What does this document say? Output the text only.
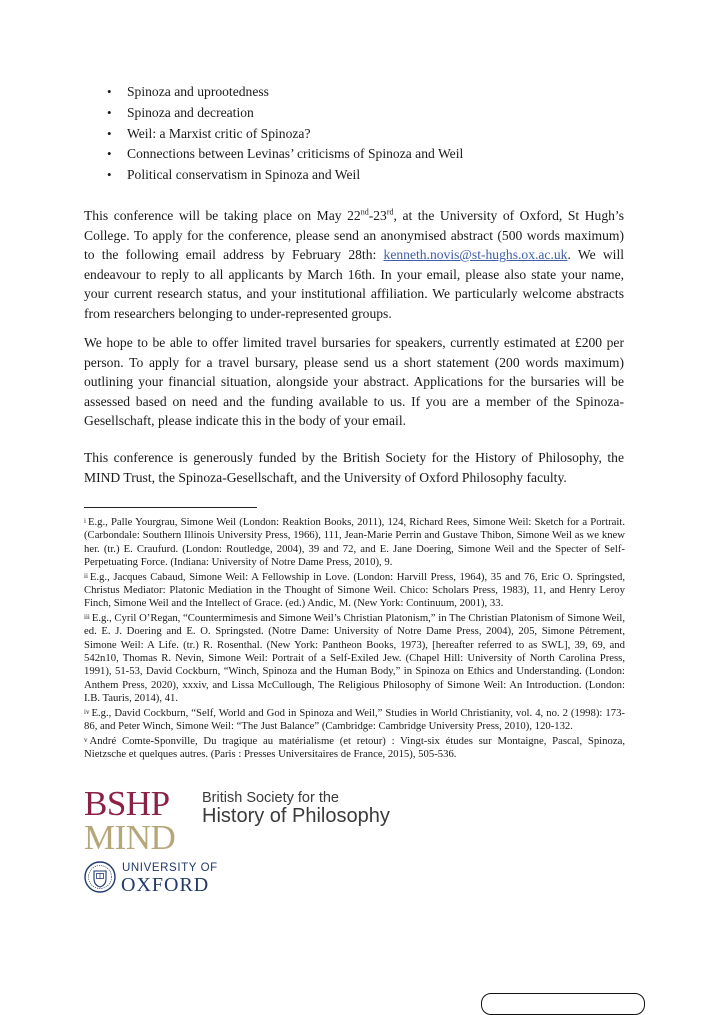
• Spinoza and uprootedness
• Spinoza and decreation
• Weil: a Marxist critic of Spinoza?
• Connections between Levinas’ criticisms of Spinoza and Weil
• Political conservatism in Spinoza and Weil

This conference will be taking place on May 22nd-23rd, at the University of Oxford, St Hugh’s College. To apply for the conference, please send an anonymised abstract (500 words maximum) to the following email address by February 28th: kenneth.novis@st-hughs.ox.ac.uk. We will endeavour to reply to all applicants by March 16th. In your email, please also state your name, your current research status, and your institutional affiliation. We particularly welcome abstracts from researchers belonging to under-represented groups.

We hope to be able to offer limited travel bursaries for speakers, currently estimated at £200 per person. To apply for a travel bursary, please send us a short statement (200 words maximum) outlining your financial situation, alongside your abstract. Applications for the bursaries will be assessed based on need and the funding available to us. If you are a member of the Spinoza-Gesellschaft, please indicate this in the body of your email.

This conference is generously funded by the British Society for the History of Philosophy, the MIND Trust, the Spinoza-Gesellschaft, and the University of Oxford Philosophy faculty.

i E.g., Palle Yourgrau, Simone Weil (London: Reaktion Books, 2011), 124, Richard Rees, Simone Weil: Sketch for a Portrait. (Carbondale: Southern Illinois University Press, 1966), 111, Jean-Marie Perrin and Gustave Thibon, Simone Weil as we knew her. (tr.) E. Craufurd. (London: Routledge, 2004), 39 and 72, and E. Jane Doering, Simone Weil and the Specter of Self-Perpetuating Force. (Indiana: University of Notre Dame Press, 2010), 9.

ii E.g., Jacques Cabaud, Simone Weil: A Fellowship in Love. (London: Harvill Press, 1964), 35 and 76, Eric O. Springsted, Christus Mediator: Platonic Mediation in the Thought of Simone Weil. Chico: Scholars Press, 1983), 11, and Henry Leroy Finch, Simone Weil and the Intellect of Grace. (ed.) Andic, M. (New York: Continuum, 2001), 33.

iii E.g., Cyril O’Regan, “Countermimesis and Simone Weil’s Christian Platonism,” in The Christian Platonism of Simone Weil, ed. E. J. Doering and E. O. Springsted. (Notre Dame: University of Notre Dame Press, 2004), 205, Simone Pétrement, Simone Weil: A Life. (tr.) R. Rosenthal. (New York: Pantheon Books, 1973), [hereafter referred to as SWL], 39, 69, and 542n10, Thomas R. Nevin, Simone Weil: Portrait of a Self-Exiled Jew. (Chapel Hill: University of North Carolina Press, 1991), 51-53, David Cockburn, “Winch, Spinoza and the Human Body,” in Spinoza on Ethics and Understanding. (London: Anthem Press, 2020), xxxiv, and Lissa McCullough, The Religious Philosophy of Simone Weil: An Introduction. (London: I.B. Tauris, 2014), 41.

iv E.g., David Cockburn, “Self, World and God in Spinoza and Weil,” Studies in World Christianity, vol. 4, no. 2 (1998): 173-86, and Peter Winch, Simone Weil: “The Just Balance” (Cambridge: Cambridge University Press, 2010), 120-132.

v André Comte-Sponville, Du tragique au matérialisme (et retour) : Vingt-six études sur Montaigne, Pascal, Spinoza, Nietzsche et quelques autres. (Paris : Presses Universitaires de France, 2015), 505-536.

BSHP British Society for the
History of Philosophy
MIND
UNIVERSITY OF
OXFORD
